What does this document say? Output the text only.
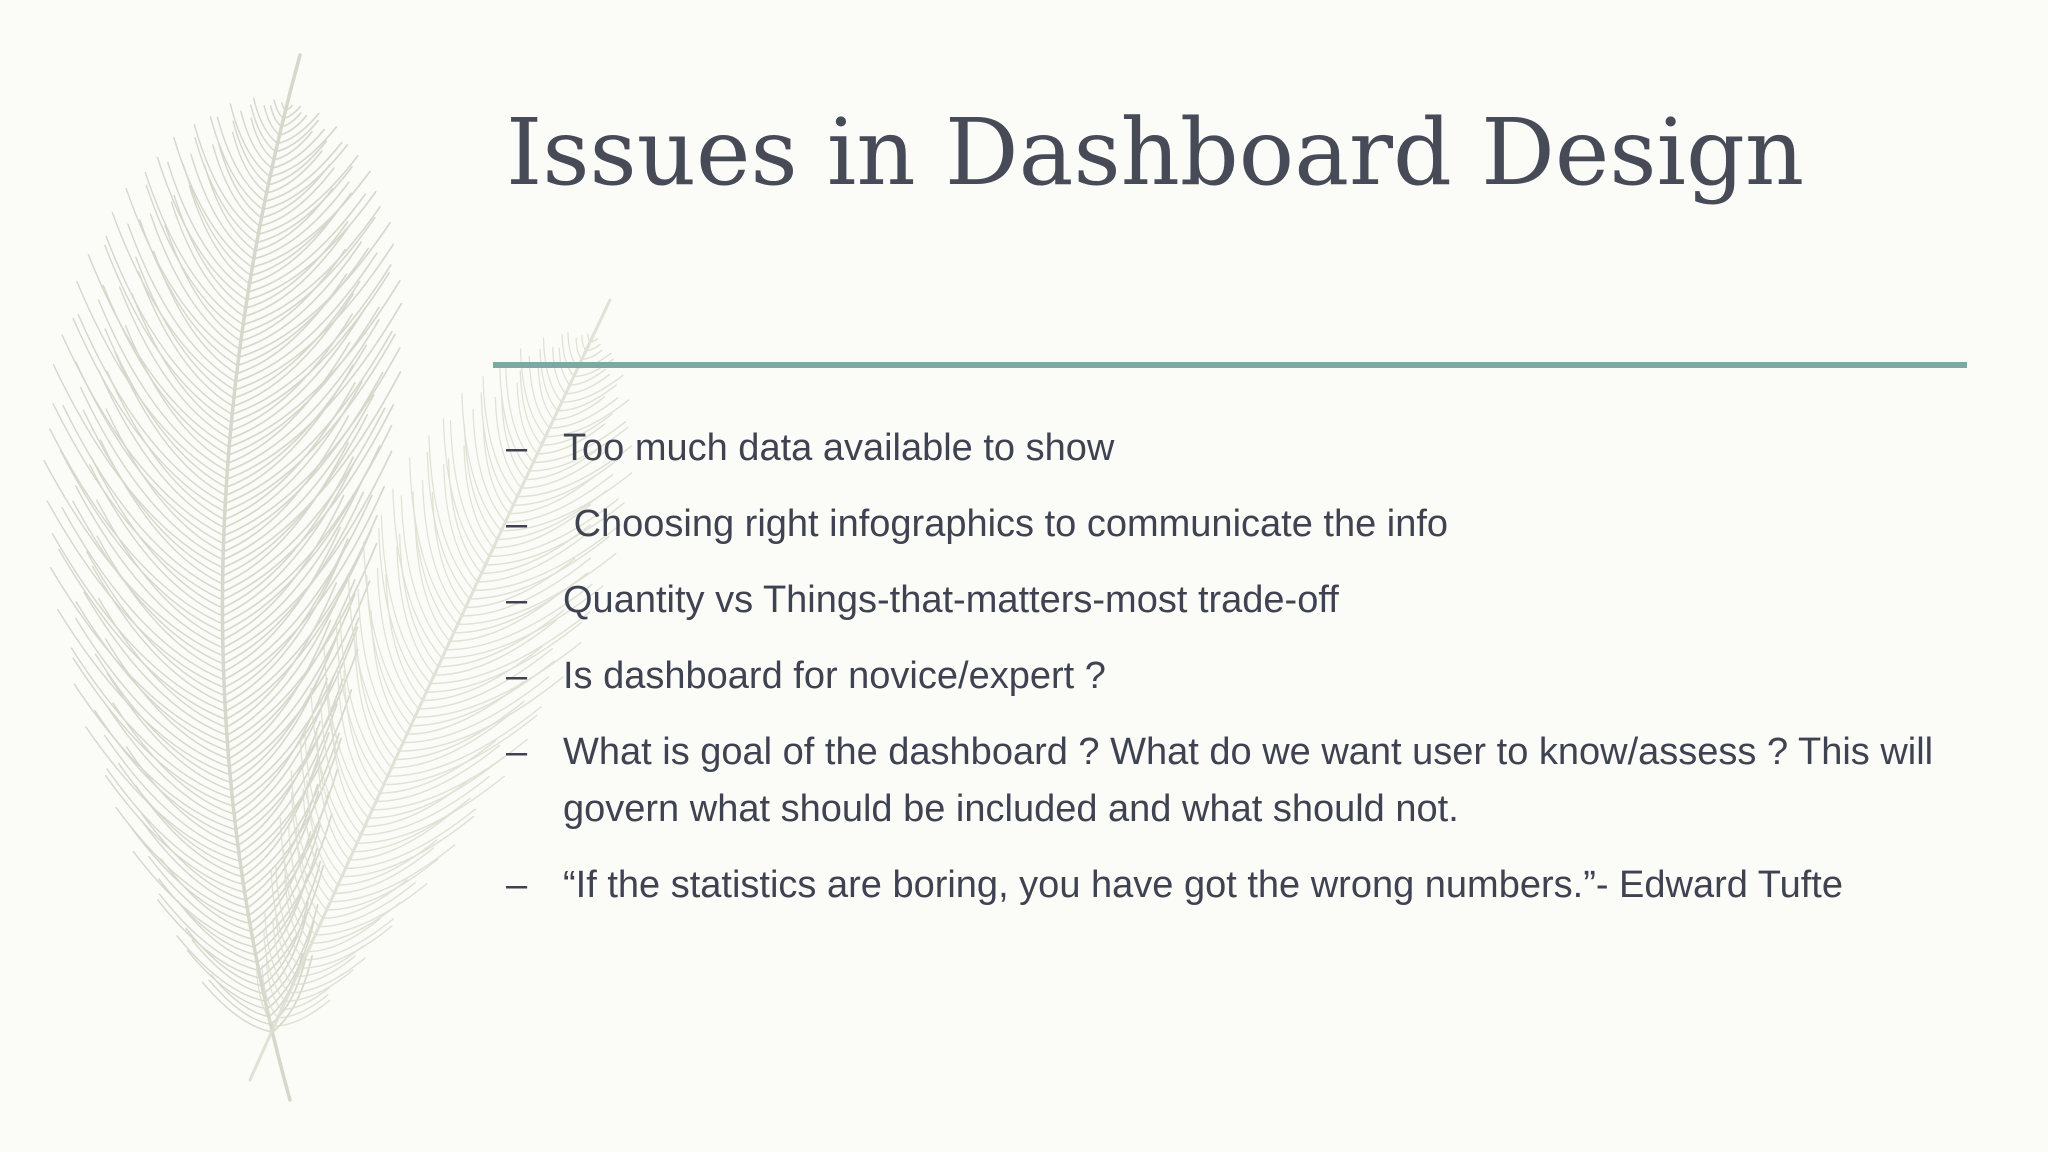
Issues in Dashboard Design
– Too much data available to show
– Choosing right infographics to communicate the info
– Quantity vs Things-that-matters-most trade-off
– Is dashboard for novice/expert ?
– What is goal of the dashboard ? What do we want user to know/assess ? This will govern what should be included and what should not.
– “If the statistics are boring, you have got the wrong numbers.”- Edward Tufte
